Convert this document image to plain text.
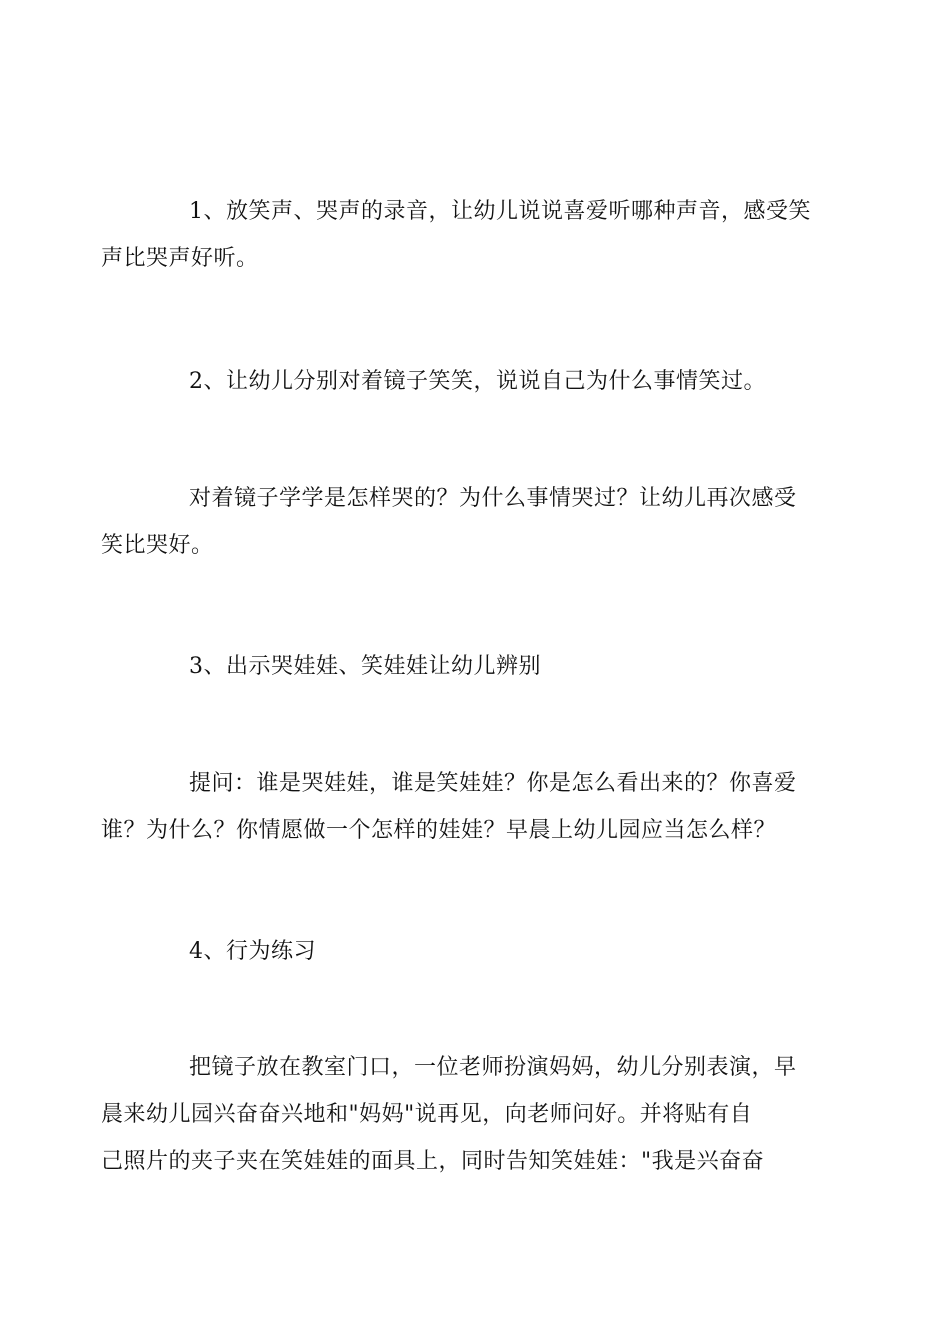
1、放笑声、哭声的录音，让幼儿说说喜爱听哪种声音，感受笑
声比哭声好听。
2、让幼儿分别对着镜子笑笑，说说自己为什么事情笑过。
对着镜子学学是怎样哭的？为什么事情哭过？让幼儿再次感受
笑比哭好。
3、出示哭娃娃、笑娃娃让幼儿辨别
提问：谁是哭娃娃，谁是笑娃娃？你是怎么看出来的？你喜爱
谁？为什么？你情愿做一个怎样的娃娃？早晨上幼儿园应当怎么样？
4、行为练习
把镜子放在教室门口，一位老师扮演妈妈，幼儿分别表演，早
晨来幼儿园兴奋奋兴地和"妈妈"说再见，向老师问好。并将贴有自
己照片的夹子夹在笑娃娃的面具上，同时告知笑娃娃："我是兴奋奋
